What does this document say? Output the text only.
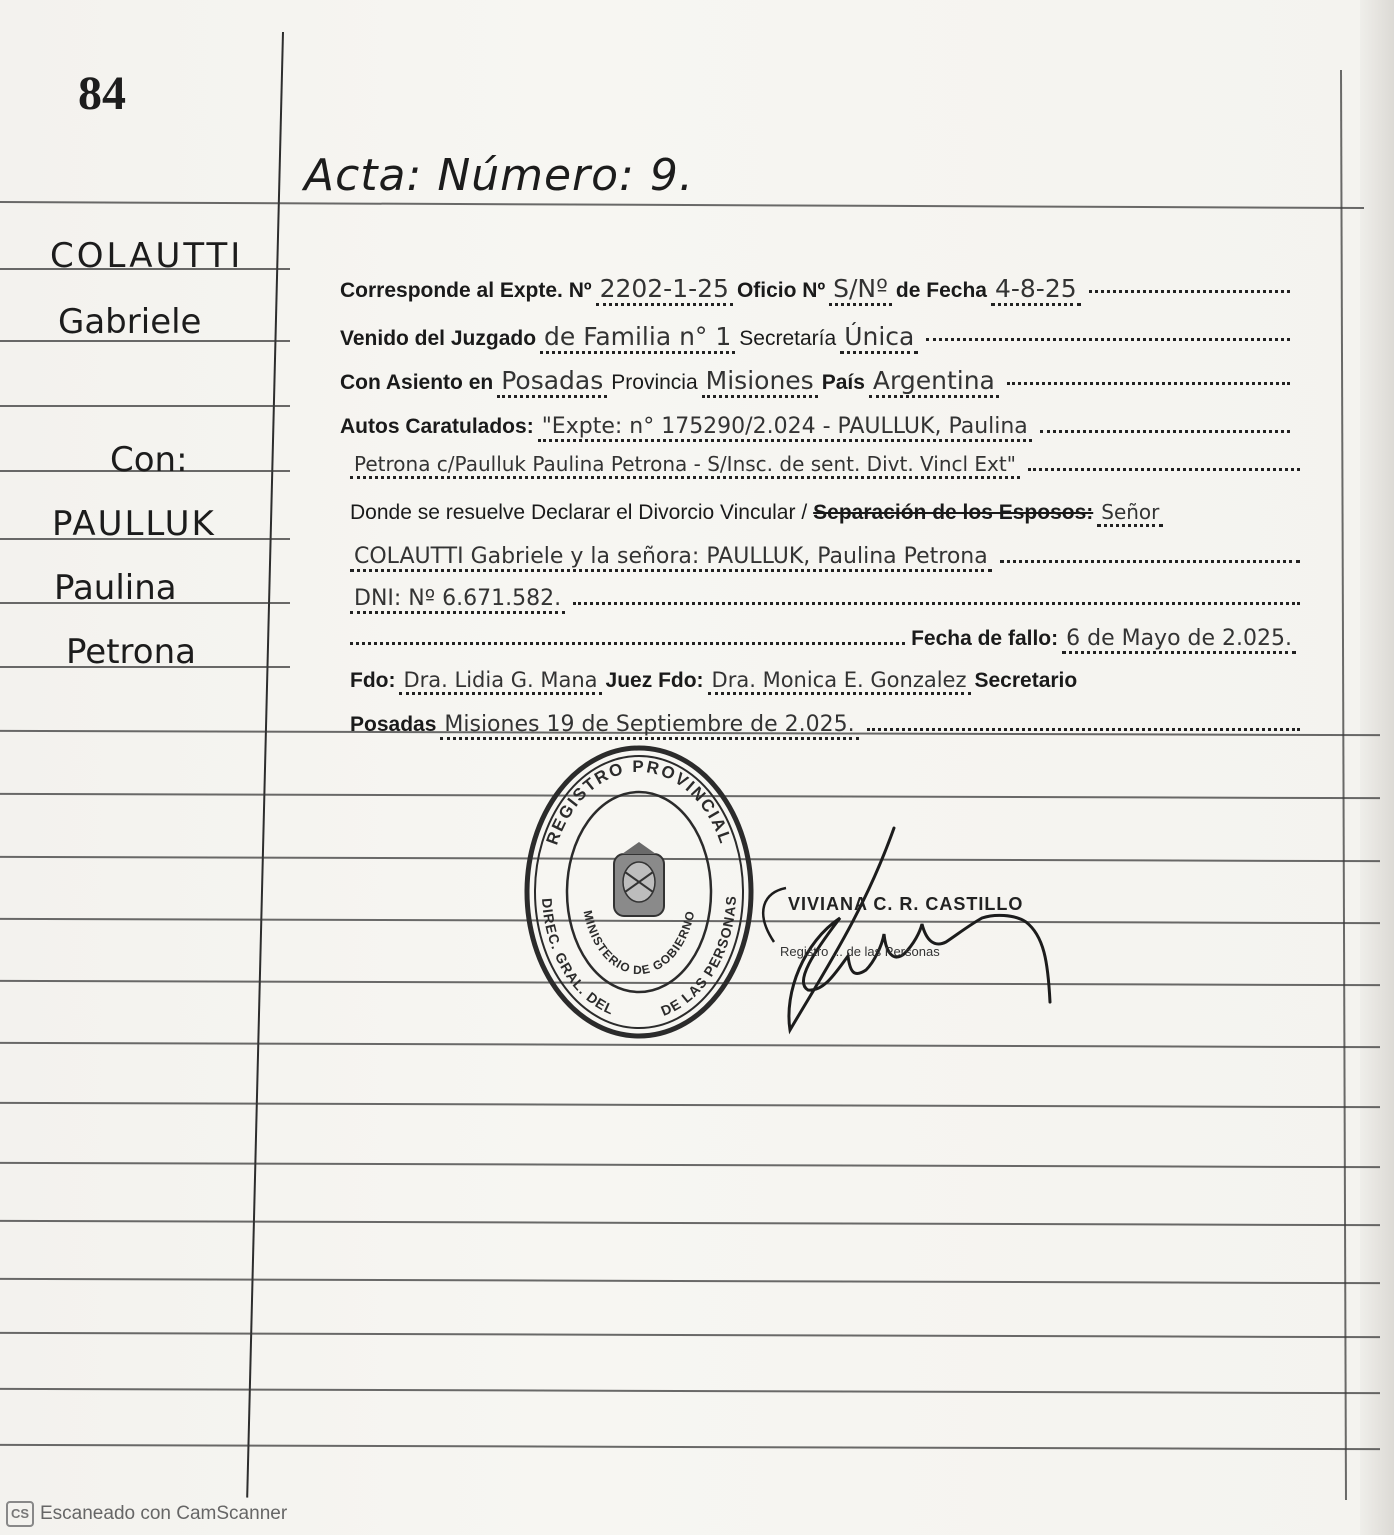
84
Acta: Número: 9.
COLAUTTI
Gabriele
Con:
PAULLUK
Paulina
Petrona
Corresponde al Expte. Nº 2202-1-25 Oficio Nº S/Nº de Fecha 4-8-25
Venido del Juzgado de Familia n° 1 Secretaría Única
Con Asiento en Posadas Provincia Misiones País Argentina
Autos Caratulados: "Expte: n° 175290/2.024 - PAULLUK, Paulina
Petrona c/Paulluk Paulina Petrona - S/Insc. de sent. Divt. Vincl Ext"
Donde se resuelve Declarar el Divorcio Vincular / Separación de los Esposos: Señor
COLAUTTI Gabriele y la señora: PAULLUK, Paulina Petrona
DNI: Nº 6.671.582.
Fecha de fallo: 6 de Mayo de 2.025.
Fdo: Dra. Lidia G. Mana Juez Fdo: Dra. Monica E. Gonzalez Secretario
Posadas Misiones 19 de Septiembre de 2.025.
REGISTRO PROVINCIAL
DIREC. GRAL. DEL	DE LAS PERSONAS
MINISTERIO DE GOBIERNO
VIVIANA C. R. CASTILLO
Registro ... de las Personas
CS Escaneado con CamScanner
